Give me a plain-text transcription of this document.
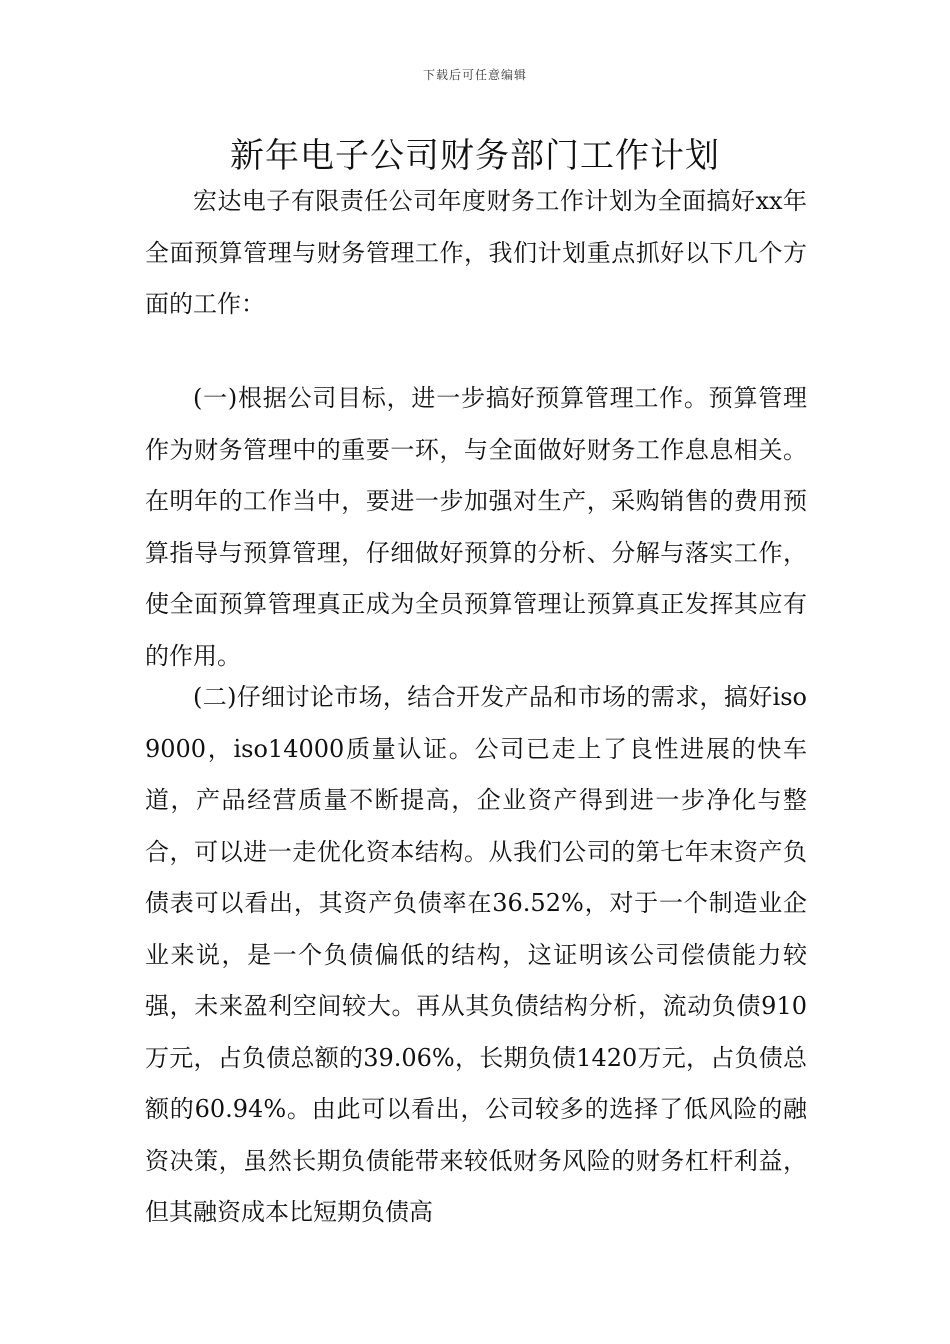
下载后可任意编辑
新年电子公司财务部门工作计划

宏达电子有限责任公司年度财务工作计划为全面搞好xx年全面预算管理与财务管理工作，我们计划重点抓好以下几个方面的工作：

(一)根据公司目标，进一步搞好预算管理工作。预算管理作为财务管理中的重要一环，与全面做好财务工作息息相关。在明年的工作当中，要进一步加强对生产，采购销售的费用预算指导与预算管理，仔细做好预算的分析、分解与落实工作，使全面预算管理真正成为全员预算管理让预算真正发挥其应有的作用。

(二)仔细讨论市场，结合开发产品和市场的需求，搞好iso9000，iso14000质量认证。公司已走上了良性进展的快车道，产品经营质量不断提高，企业资产得到进一步净化与整合，可以进一走优化资本结构。从我们公司的第七年末资产负债表可以看出，其资产负债率在36.52%，对于一个制造业企业来说，是一个负债偏低的结构，这证明该公司偿债能力较强，未来盈利空间较大。再从其负债结构分析，流动负债910万元，占负债总额的39.06%，长期负债1420万元，占负债总额的60.94%。由此可以看出，公司较多的选择了低风险的融资决策，虽然长期负债能带来较低财务风险的财务杠杆利益，但其融资成本比短期负债高
